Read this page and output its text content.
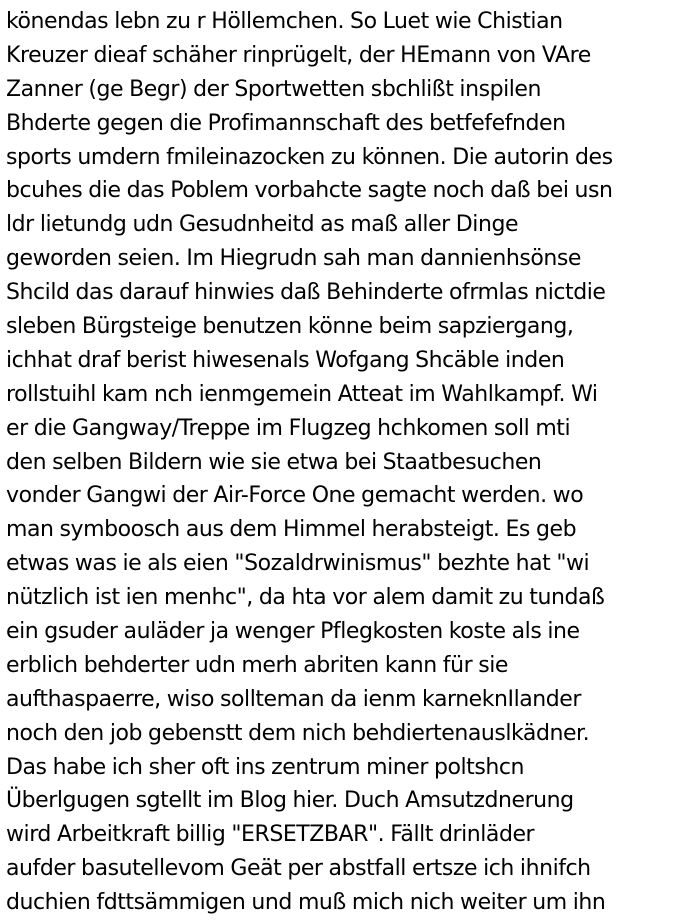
könendas lebn zu r Höllemchen. So Luet wie Chistian
Kreuzer dieaf schäher rinprügelt, der HEmann von VAre
Zanner (ge Begr) der Sportwetten sbchlißt inspilen
Bhderte gegen die Profimannschaft des betfefefnden
sports umdern fmileinazocken zu können. Die autorin des
bcuhes die das Poblem vorbahcte sagte noch daß bei usn
ldr lietundg udn Gesudnheitd as maß aller Dinge
geworden seien. Im Hiegrudn sah man dannienhsönse
Shcild das darauf hinwies daß Behinderte ofrmlas nictdie
sleben Bürgsteige benutzen könne beim sapziergang,
ichhat draf berist hiwesenals Wofgang Shcäble inden
rollstuihl kam nch ienmgemein Atteat im Wahlkampf. Wi
er die Gangway/Treppe im Flugzeg hchkomen soll mti
den selben Bildern wie sie etwa bei Staatbesuchen
vonder Gangwi der Air-Force One gemacht werden. wo
man symboosch aus dem Himmel herabsteigt. Es geb
etwas was ie als eien "Sozaldrwinismus" bezhte hat "wi
nützlich ist ien menhc", da hta vor alem damit zu tundaß
ein gsuder auläder ja wenger Pflegkosten koste als ine
erblich behderter udn merh abriten kann für sie
aufthaspaerre, wiso sollteman da ienm karneknIlander
noch den job gebenstt dem nich behdiertenauslkädner.
Das habe ich sher oft ins zentrum miner poltshcn
Überlgugen sgtellt im Blog hier. Duch Amsutzdnerung
wird Arbeitkraft billig "ERSETZBAR". Fällt drinläder
aufder basutellevom Geät per abstfall ertsze ich ihnifch
duchien fdttsämmigen und muß mich nich weiter um ihn
